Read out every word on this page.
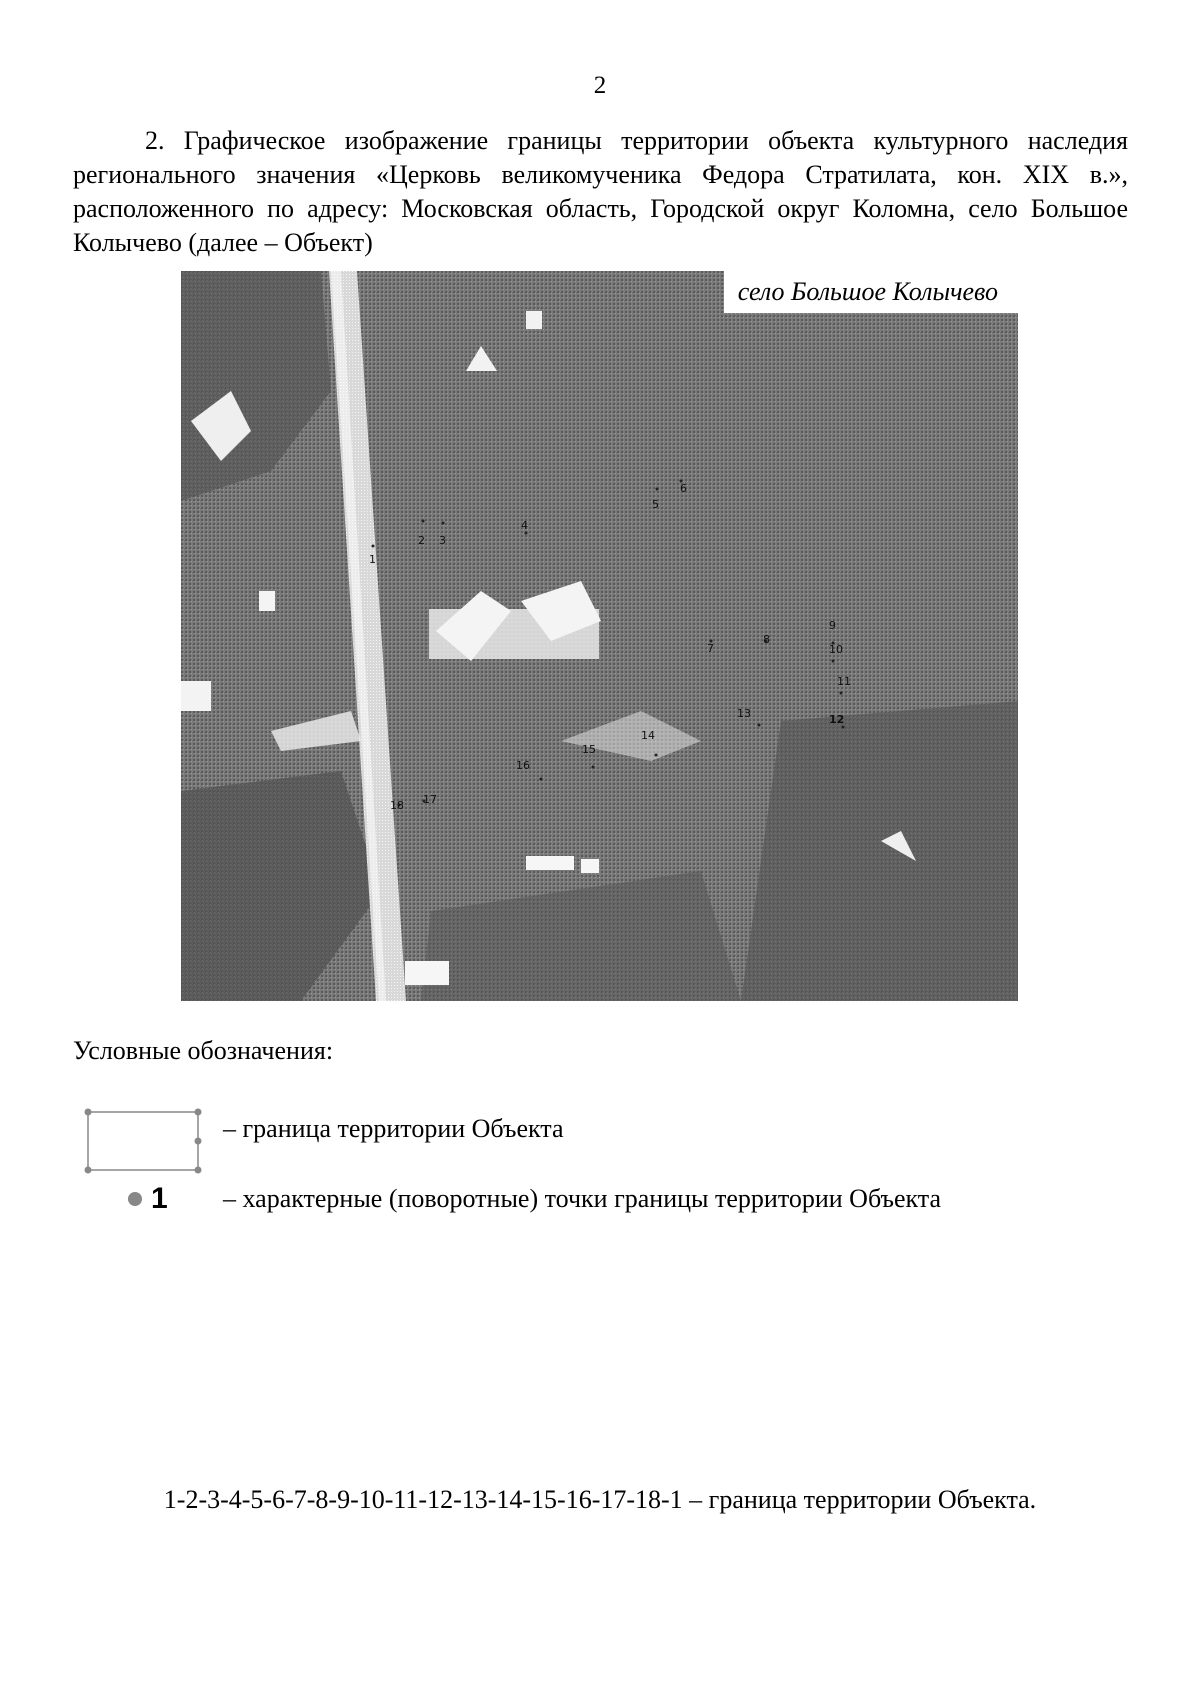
2

2. Графическое изображение границы территории объекта культурного наследия регионального значения «Церковь великомученика Федора Стратилата, кон. XIX в.», расположенного по адресу: Московская область, Городской округ Коломна, село Большое Колычево (далее – Объект)

1
2 3
4
5
6
7
8
9
10
11
12
13
14
15
16
17
18
село Большое Колычево
Условные обозначения:
– граница территории Объекта
1 – характерные (поворотные) точки границы территории Объекта
1-2-3-4-5-6-7-8-9-10-11-12-13-14-15-16-17-18-1 – граница территории Объекта.
